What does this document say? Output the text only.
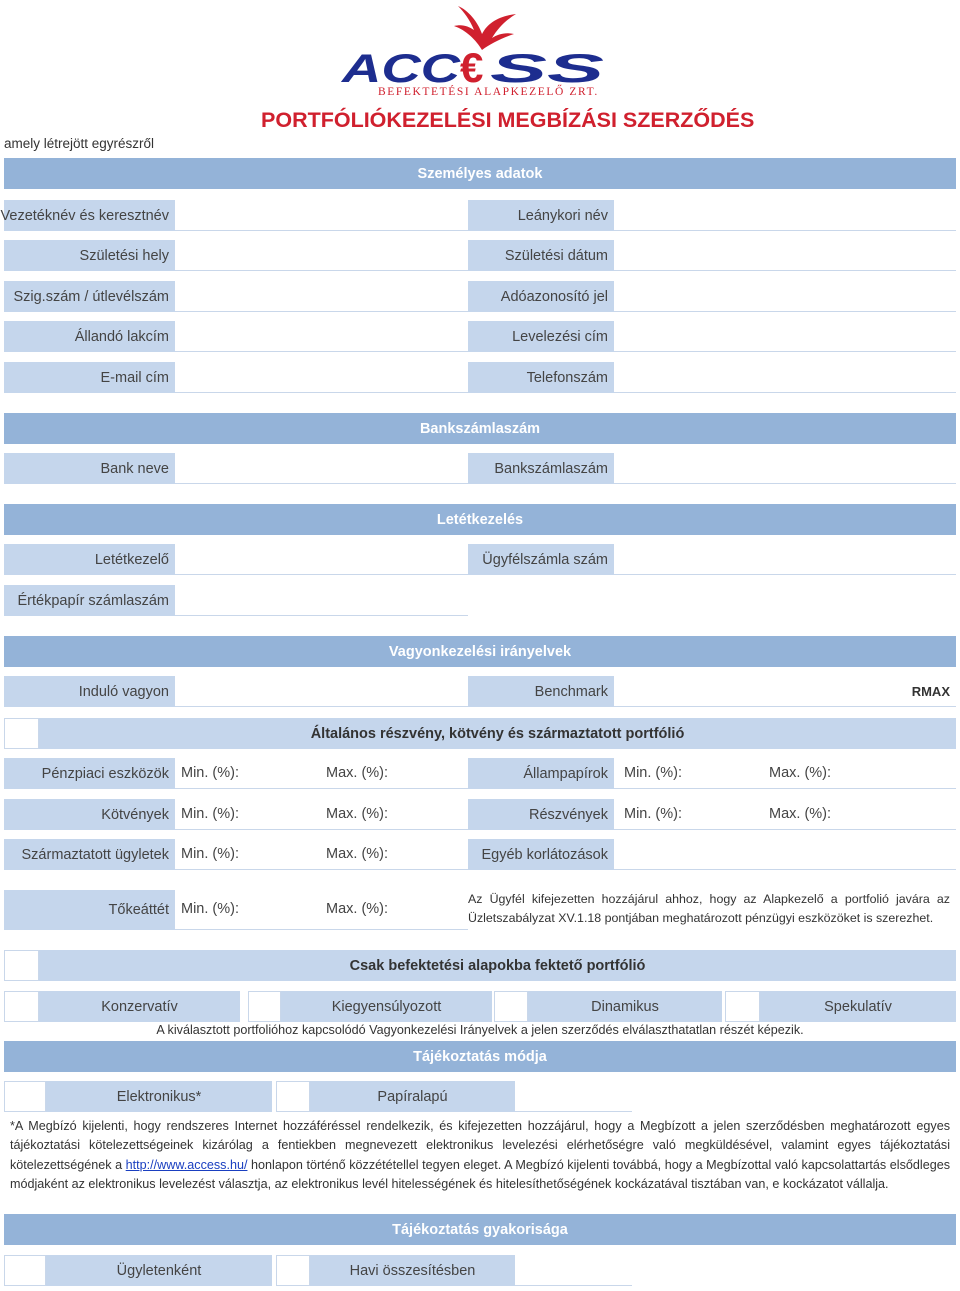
ACC
€ SS
BEFEKTETÉSI ALAPKEZELŐ ZRT.
amely létrejött egyrészről
PORTFÓLIÓKEZELÉSI MEGBÍZÁSI SZERZŐDÉS
Személyes adatok
Vezetéknév és keresztnév	Leánykori név
Születési hely	Születési dátum
Szig.szám / útlevélszám	Adóazonosító jel
Állandó lakcím	Levelezési cím
E-mail cím	Telefonszám
Bankszámlaszám
Bank neve	Bankszámlaszám
Letétkezelés
Letétkezelő	Ügyfélszámla szám
Értékpapír számlaszám
Vagyonkezelési irányelvek
Induló vagyon	Benchmark	RMAX
Általános részvény, kötvény és származtatott portfólió
Pénzpiaci eszközök Min. (%):	Max. (%):	Állampapírok	Min. (%):	Max. (%):
Kötvények Min. (%):	Max. (%):	Részvények	Min. (%):	Max. (%):
Származtatott ügyletek Min. (%):	Max. (%):	Egyéb korlátozások
Tőkeáttét Min. (%):	Max. (%):
Az Ügyfél kifejezetten hozzájárul ahhoz, hogy az Alapkezelő a portfolió javára az
Üzletszabályzat XV.1.18 pontjában meghatározott pénzügyi eszközöket is szerezhet.
Csak befektetési alapokba fektető portfólió
Konzervatív	Kiegyensúlyozott	Dinamikus	Spekulatív
A kiválasztott portfolióhoz kapcsolódó Vagyonkezelési Irányelvek a jelen szerződés elválaszthatatlan részét képezik.
Tájékoztatás módja
Elektronikus*	Papíralapú
*A Megbízó kijelenti, hogy rendszeres Internet hozzáféréssel rendelkezik, és kifejezetten hozzájárul, hogy a Megbízott a jelen szerződésben meghatározott egyes tájékoztatási kötelezettségeinek kizárólag a fentiekben megnevezett elektronikus levelezési elérhetőségre való megküldésével, valamint egyes tájékoztatási kötelezettségének a http://www.access.hu/ honlapon történő közzététellel tegyen eleget. A Megbízó kijelenti továbbá, hogy a Megbízottal való kapcsolattartás elsődleges módjaként az elektronikus levelezést választja, az elektronikus levél hitelességének és hitelesíthetőségének kockázatával tisztában van, e kockázatot vállalja.
Tájékoztatás gyakorisága
Ügyletenként	Havi összesítésben
